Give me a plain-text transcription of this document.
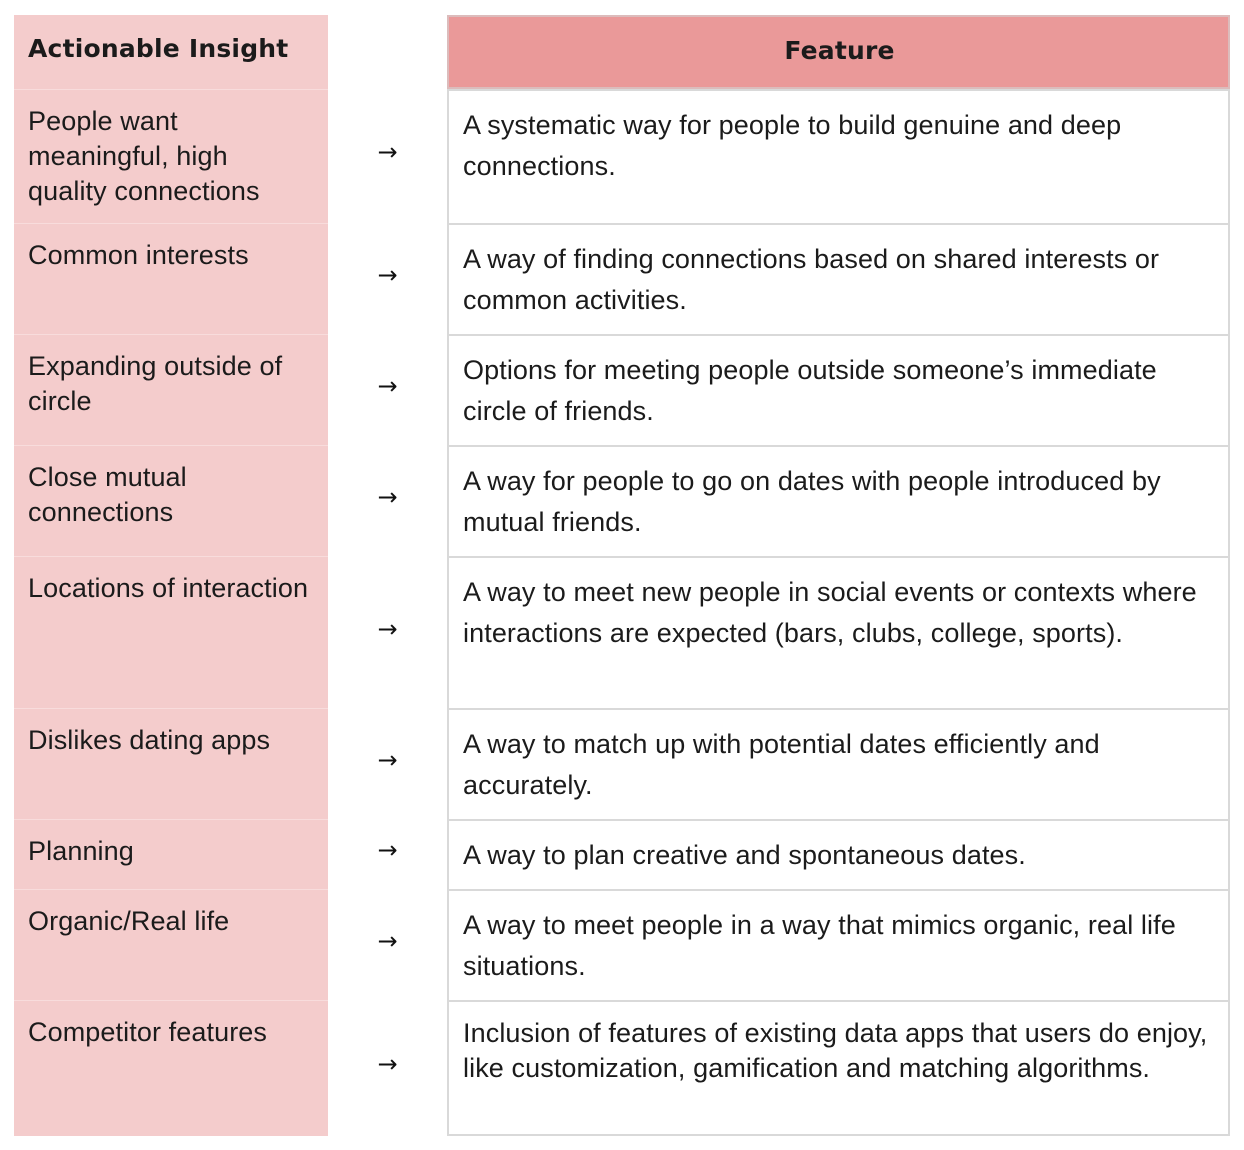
Actionable Insight
People want meaningful, high quality connections
Common interests
Expanding outside of circle
Close mutual connections
Locations of interaction
Dislikes dating apps
Planning
Organic/Real life
Competitor features
→
→
→
→
→
→
→
→
→
Feature
A systematic way for people to build genuine and deep connections.
A way of finding connections based on shared interests or common activities.
Options for meeting people outside someone’s immediate circle of friends.
A way for people to go on dates with people introduced by mutual friends.
A way to meet new people in social events or contexts where interactions are expected (bars, clubs, college, sports).
A way to match up with potential dates efficiently and accurately.
A way to plan creative and spontaneous dates.
A way to meet people in a way that mimics organic, real life situations.
Inclusion of features of existing data apps that users do enjoy, like customization, gamification and matching algorithms.
